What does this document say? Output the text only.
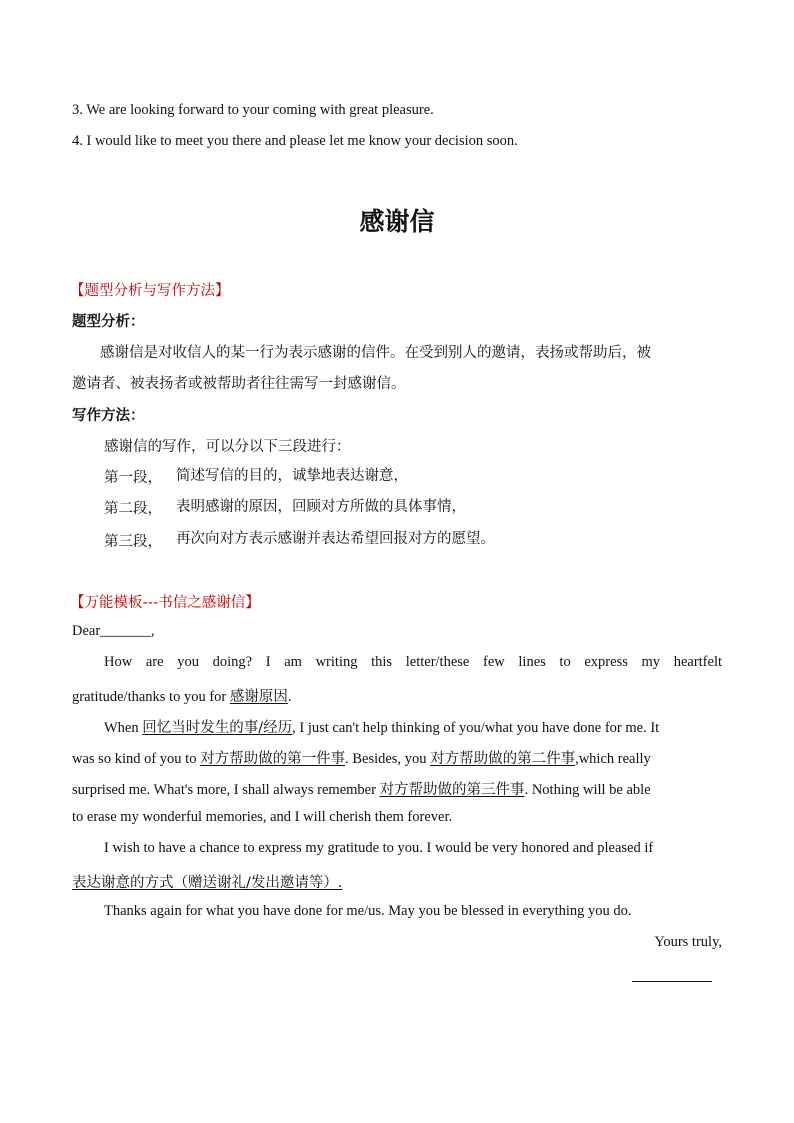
3. We are looking forward to your coming with great pleasure.
4. I would like to meet you there and please let me know your decision soon.
感谢信
【题型分析与写作方法】
题型分析：
感谢信是对收信人的某一行为表示感谢的信件。在受到别人的邀请，表扬或帮助后，被
邀请者、被表扬者或被帮助者往往需写一封感谢信。
写作方法：
感谢信的写作，可以分以下三段进行：
第一段， 简述写信的目的，诚挚地表达谢意，
第二段， 表明感谢的原因，回顾对方所做的具体事情，
第三段， 再次向对方表示感谢并表达希望回报对方的愿望。
【万能模板---书信之感谢信】
Dear_______,
How are you doing? I am writing this letter/these few lines to express my heartfelt
gratitude/thanks to you for 感谢原因.
When 回忆当时发生的事/经历, I just can't help thinking of you/what you have done for me. It
was so kind of you to 对方帮助做的第一件事. Besides, you 对方帮助做的第二件事,which really
surprised me. What's more, I shall always remember 对方帮助做的第三件事. Nothing will be able
to erase my wonderful memories, and I will cherish them forever.
I wish to have a chance to express my gratitude to you. I would be very honored and pleased if
表达谢意的方式（赠送谢礼/发出邀请等）.
Thanks again for what you have done for me/us. May you be blessed in everything you do.
Yours truly,
